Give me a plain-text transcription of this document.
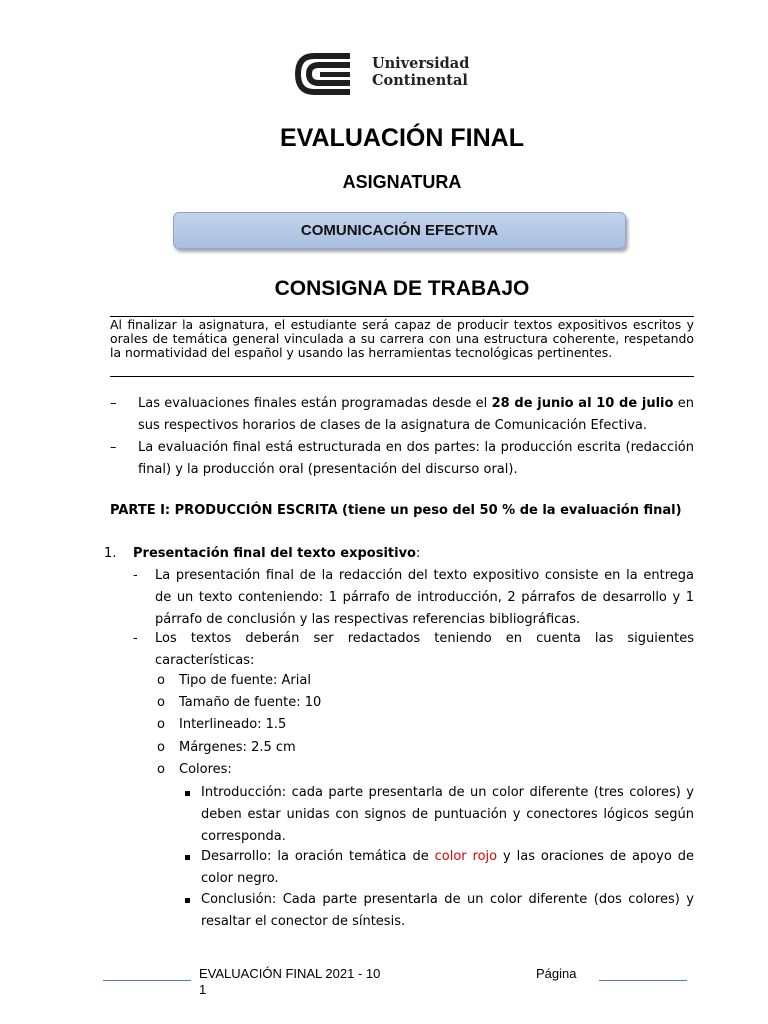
Universidad
Continental
EVALUACIÓN FINAL
ASIGNATURA
COMUNICACIÓN EFECTIVA
CONSIGNA DE TRABAJO
Al finalizar la asignatura, el estudiante será capaz de producir textos expositivos escritos y orales de temática general vinculada a su carrera con una estructura coherente, respetando la normatividad del español y usando las herramientas tecnológicas pertinentes.
– Las evaluaciones finales están programadas desde el 28 de junio al 10 de julio en sus respectivos horarios de clases de la asignatura de Comunicación Efectiva.
– La evaluación final está estructurada en dos partes: la producción escrita (redacción final) y la producción oral (presentación del discurso oral).
PARTE I: PRODUCCIÓN ESCRITA (tiene un peso del 50 % de la evaluación final)
1. Presentación final del texto expositivo:
- La presentación final de la redacción del texto expositivo consiste en la entrega de un texto conteniendo: 1 párrafo de introducción, 2 párrafos de desarrollo y 1 párrafo de conclusión y las respectivas referencias bibliográficas.
- Los textos deberán ser redactados teniendo en cuenta las siguientes características:
o Tipo de fuente: Arial
o Tamaño de fuente: 10
o Interlineado: 1.5
o Márgenes: 2.5 cm
o Colores:
Introducción: cada parte presentarla de un color diferente (tres colores) y deben estar unidas con signos de puntuación y conectores lógicos según corresponda.
Desarrollo: la oración temática de color rojo y las oraciones de apoyo de color negro.
Conclusión: Cada parte presentarla de un color diferente (dos colores) y resaltar el conector de síntesis.
EVALUACIÓN FINAL 2021 - 10
1
Página
